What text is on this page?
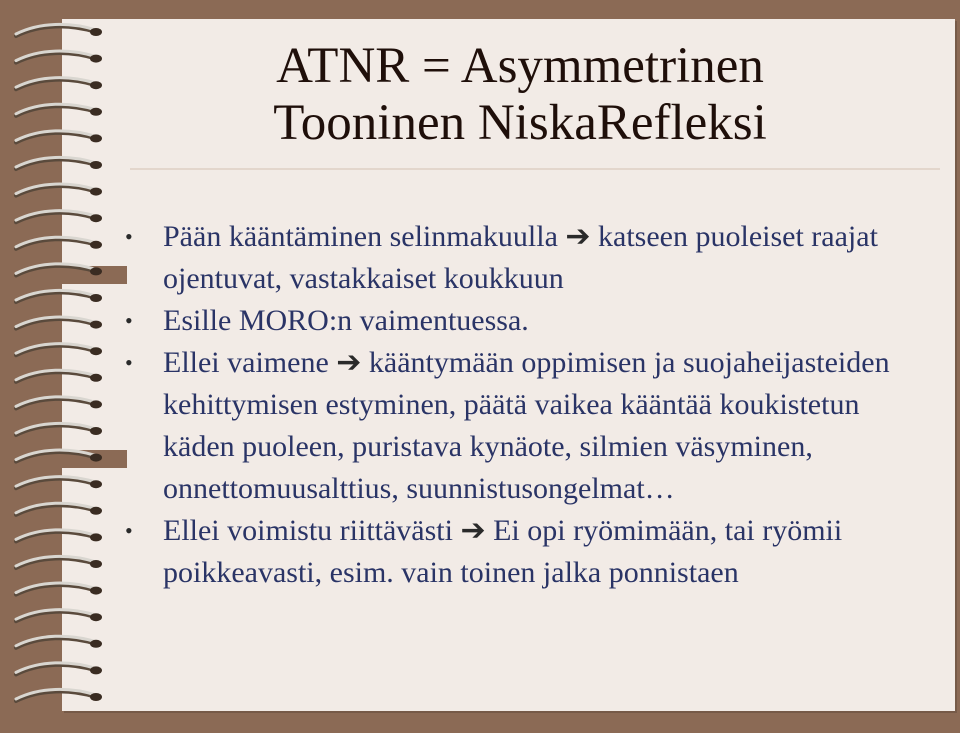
ATNR = Asymmetrinen
Tooninen NiskaRefleksi
•	Pään kääntäminen selinmakuulla ➔ katseen puoleiset raajat ojentuvat, vastakkaiset koukkuun
•	Esille MORO:n vaimentuessa.
•	Ellei vaimene ➔ kääntymään oppimisen ja suojaheijasteiden kehittymisen estyminen, päätä vaikea kääntää koukistetun käden puoleen, puristava kynäote, silmien väsyminen, onnettomuusalttius, suunnistusongelmat…
•	Ellei voimistu riittävästi ➔ Ei opi ryömimään, tai ryömii poikkeavasti, esim. vain toinen jalka ponnistaen
